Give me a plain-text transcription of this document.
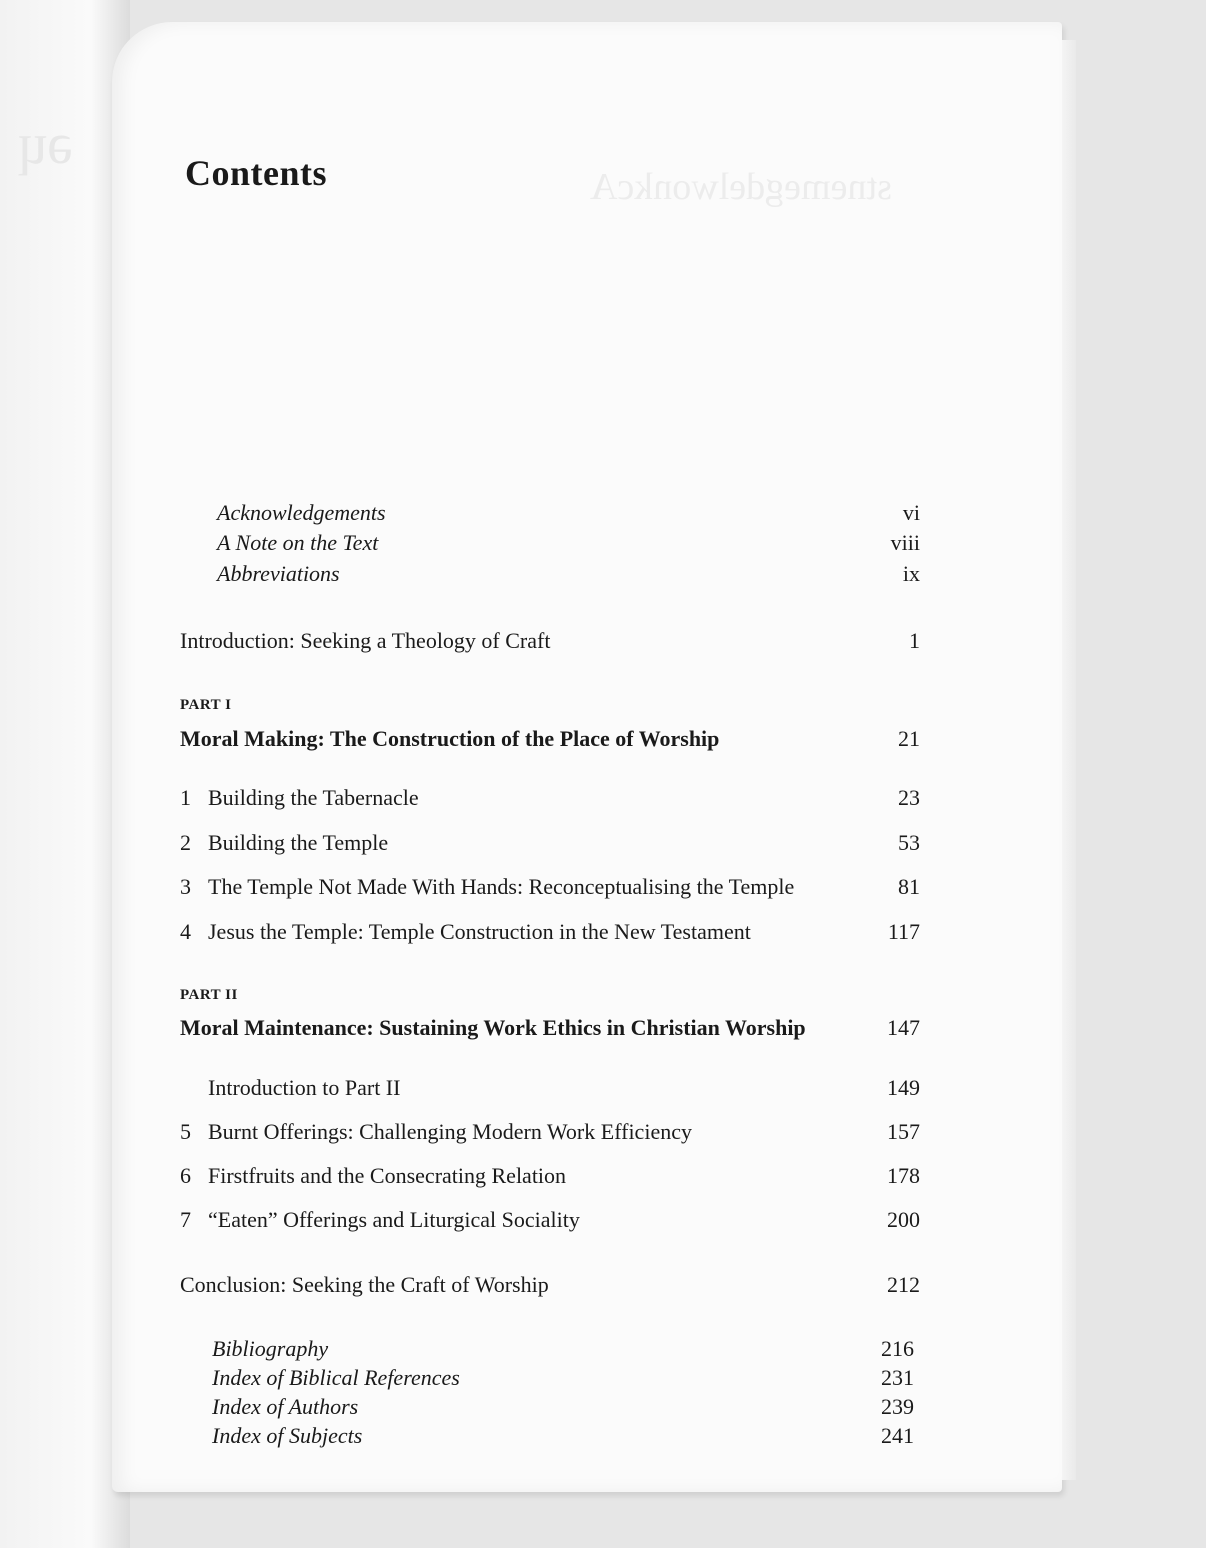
ǝɥ
stnemegdelwonkcA
Contents
Acknowledgements	vi
A Note on the Text	viii
Abbreviations	ix
Introduction: Seeking a Theology of Craft	1
PART I
Moral Making: The Construction of the Place of Worship	21
1 Building the Tabernacle	23
2 Building the Temple	53
3 The Temple Not Made With Hands: Reconceptualising the Temple	81
4 Jesus the Temple: Temple Construction in the New Testament	117
PART II
Moral Maintenance: Sustaining Work Ethics in Christian Worship	147
Introduction to Part II	149
5 Burnt Offerings: Challenging Modern Work Efficiency	157
6 Firstfruits and the Consecrating Relation	178
7 “Eaten” Offerings and Liturgical Sociality	200
Conclusion: Seeking the Craft of Worship	212
Bibliography	216
Index of Biblical References	231
Index of Authors	239
Index of Subjects	241
